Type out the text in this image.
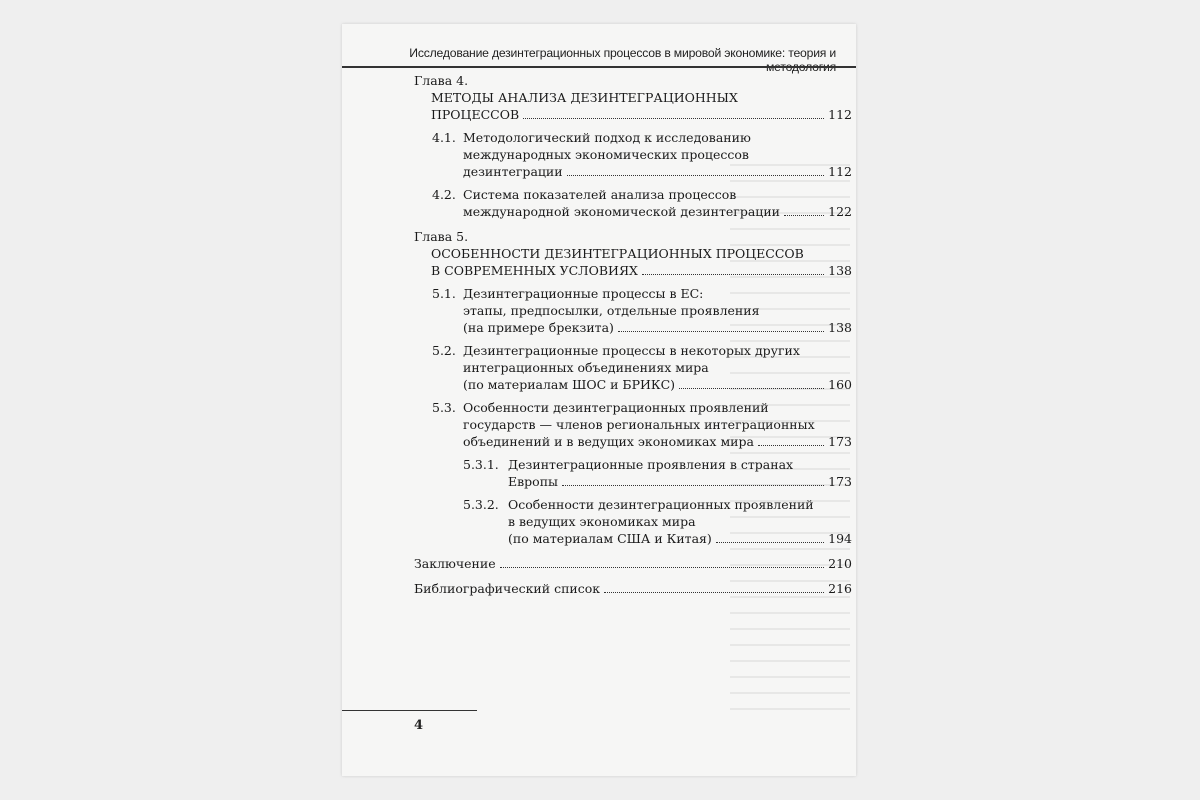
Исследование дезинтеграционных процессов в мировой экономике: теория и методология
Глава 4.
МЕТОДЫ АНАЛИЗА ДЕЗИНТЕГРАЦИОННЫХ
ПРОЦЕССОВ	112
4.1. Методологический подход к исследованию
международных экономических процессов
дезинтеграции	112
4.2. Система показателей анализа процессов
международной экономической дезинтеграции	122
Глава 5.
ОСОБЕННОСТИ ДЕЗИНТЕГРАЦИОННЫХ ПРОЦЕССОВ
В СОВРЕМЕННЫХ УСЛОВИЯХ	138
5.1. Дезинтеграционные процессы в ЕС:
этапы, предпосылки, отдельные проявления
(на примере брекзита)	138
5.2. Дезинтеграционные процессы в некоторых других
интеграционных объединениях мира
(по материалам ШОС и БРИКС)	160
5.3. Особенности дезинтеграционных проявлений
государств — членов региональных интеграционных
объединений и в ведущих экономиках мира	173
5.3.1. Дезинтеграционные проявления в странах
Европы	173
5.3.2. Особенности дезинтеграционных проявлений
в ведущих экономиках мира
(по материалам США и Китая)	194
Заключение	210
Библиографический список	216
4
